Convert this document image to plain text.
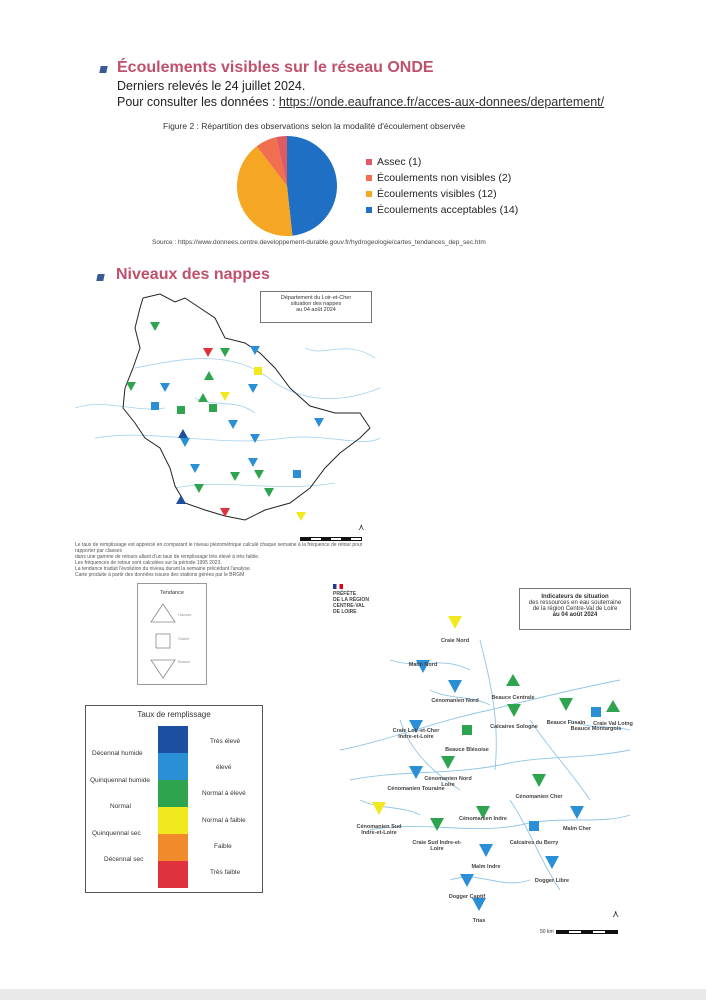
Écoulements visibles sur le réseau ONDE
Derniers relevés le 24 juillet 2024.
Pour consulter les données : https://onde.eaufrance.fr/acces-aux-donnees/departement/
Figure 2 : Répartition des observations selon la modalité d'écoulement observée
Assec (1)
Écoulements non visibles (2)
Écoulements visibles (12)
Écoulements acceptables (14)
Source : https://www.donnees.centre.developpement-durable.gouv.fr/hydrogeologie/cartes_tendances_dep_sec.htm
Niveaux des nappes
Département du Loir-et-Cher
situation des nappes
au 04 août 2024
⋏
Le taux de remplissage est apprécié en comparant le niveau piézométrique calculé chaque semaine à la fréquence de retour pour rapporter par classes
dans une gamme de retours allant d'un taux de remplissage très élevé à très faible.
Les fréquences de retour sont calculées sur la période 1995 2023.
La tendance traduit l'évolution du niveau durant la semaine précédant l'analyse.
Carte produite à partir des données issues des stations gérées par le BRGM
Tendance
Hausse
Stable
Baisse
Taux de remplissage
Décennal humide
Quinquennal humide
Normal
Quinquennal sec
Décennal sec
Très élevé
élevé
Normal à élevé
Normal à faible
Faible
Très faible
PRÉFÈTE
DE LA RÉGION
CENTRE-VAL
DE LOIRE
Indicateurs de situation
des ressources en eau souterraine
de la région Centre-Val de Loire
au 04 août 2024
⋏
50 km
Craie Nord
Malm Nord
Cénomanien Nord	Beauce Centrale
Beauce Fusain	Craie Val Loing
Craie Loir-et-Cher Indre-et-Loire
Beauce Blésoise
Calcaires Sologne	Beauce Montargois
Cénomanien Nord Loire
Cénomanien Cher
Cénomanien Touraine
Cénomanien Indre
Cénomanien Sud Indre-et-Loire
Craie Sud Indre-et-Loire
Calcaires du Berry
Malm Cher
Malm Indre
Dogger Libre
Dogger Captif
Trias
